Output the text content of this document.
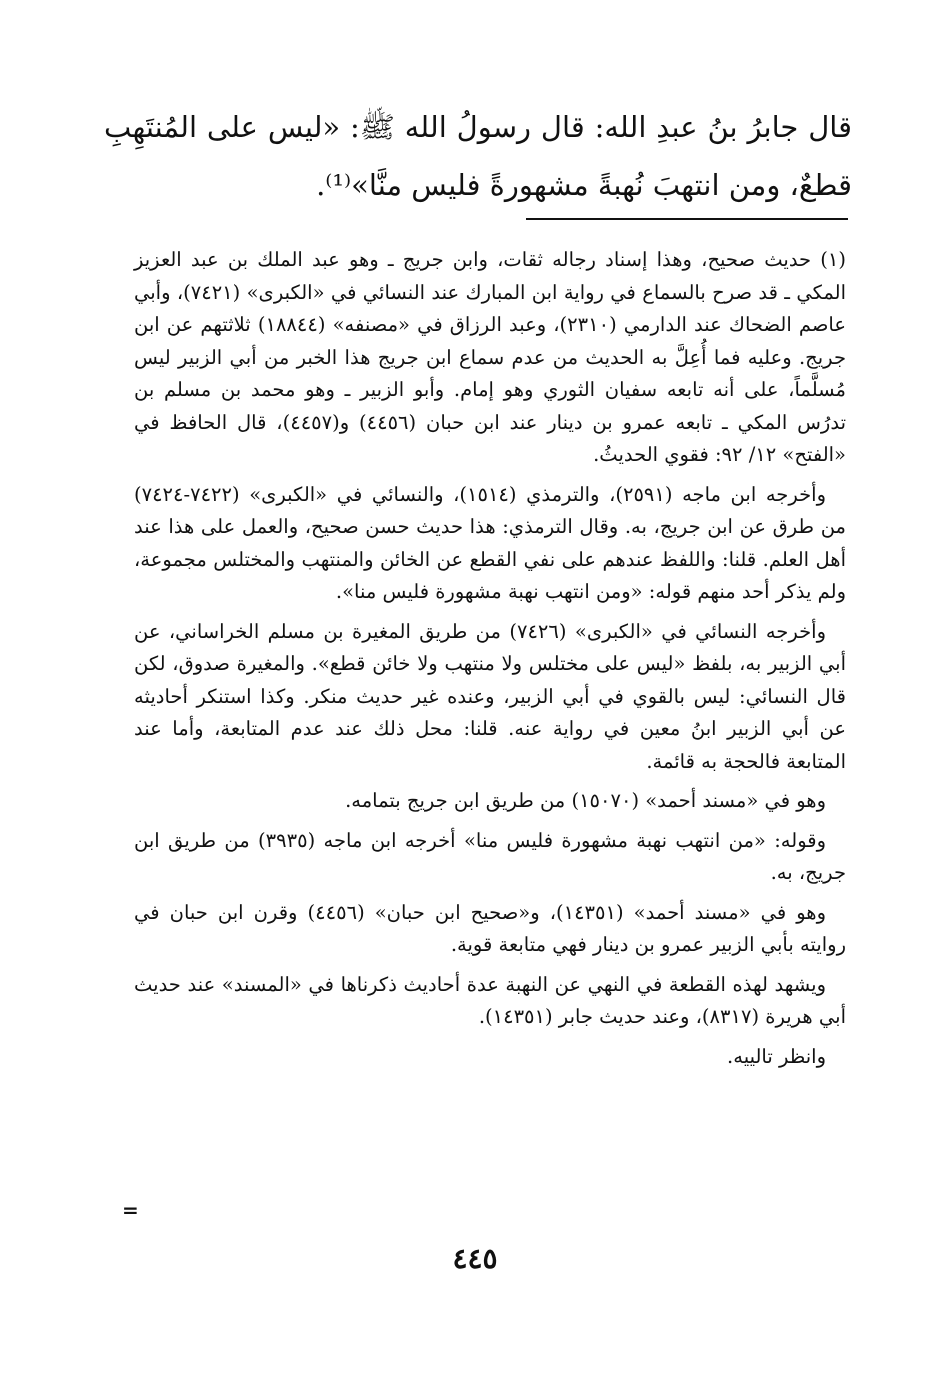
قال جابرُ بنُ عبدِ الله: قال رسولُ الله ﷺ: «ليس على المُنتَهِبِ قطعٌ، ومن انتهبَ نُهبةً مشهورةً فليس منَّا»⁽¹⁾.

(١) حديث صحيح، وهذا إسناد رجاله ثقات، وابن جريج ـ وهو عبد الملك بن عبد العزيز المكي ـ قد صرح بالسماع في رواية ابن المبارك عند النسائي في «الكبرى» (٧٤٢١)، وأبي عاصم الضحاك عند الدارمي (٢٣١٠)، وعبد الرزاق في «مصنفه» (١٨٨٤٤) ثلاثتهم عن ابن جريج. وعليه فما أُعِلَّ به الحديث من عدم سماع ابن جريج هذا الخبر من أبي الزبير ليس مُسلَّماً، على أنه تابعه سفيان الثوري وهو إمام. وأبو الزبير ـ وهو محمد بن مسلم بن تدرُس المكي ـ تابعه عمرو بن دينار عند ابن حبان (٤٤٥٦) و(٤٤٥٧)، قال الحافظ في «الفتح» ١٢/ ٩٢: فقوي الحديثُ.

وأخرجه ابن ماجه (٢٥٩١)، والترمذي (١٥١٤)، والنسائي في «الكبرى» (٧٤٢٢-٧٤٢٤) من طرق عن ابن جريج، به. وقال الترمذي: هذا حديث حسن صحيح، والعمل على هذا عند أهل العلم. قلنا: واللفظ عندهم على نفي القطع عن الخائن والمنتهب والمختلس مجموعة، ولم يذكر أحد منهم قوله: «ومن انتهب نهبة مشهورة فليس منا».

وأخرجه النسائي في «الكبرى» (٧٤٢٦) من طريق المغيرة بن مسلم الخراساني، عن أبي الزبير به، بلفظ «ليس على مختلس ولا منتهب ولا خائن قطع». والمغيرة صدوق، لكن قال النسائي: ليس بالقوي في أبي الزبير، وعنده غير حديث منكر. وكذا استنكر أحاديثه عن أبي الزبير ابنُ معين في رواية عنه. قلنا: محل ذلك عند عدم المتابعة، وأما عند المتابعة فالحجة به قائمة.

وهو في «مسند أحمد» (١٥٠٧٠) من طريق ابن جريج بتمامه.

وقوله: «من انتهب نهبة مشهورة فليس منا» أخرجه ابن ماجه (٣٩٣٥) من طريق ابن جريج، به.

وهو في «مسند أحمد» (١٤٣٥١)، و«صحيح ابن حبان» (٤٤٥٦) وقرن ابن حبان في روايته بأبي الزبير عمرو بن دينار فهي متابعة قوية.

ويشهد لهذه القطعة في النهي عن النهبة عدة أحاديث ذكرناها في «المسند» عند حديث أبي هريرة (٨٣١٧)، وعند حديث جابر (١٤٣٥١).

وانظر تالييه.

=
٤٤٥
